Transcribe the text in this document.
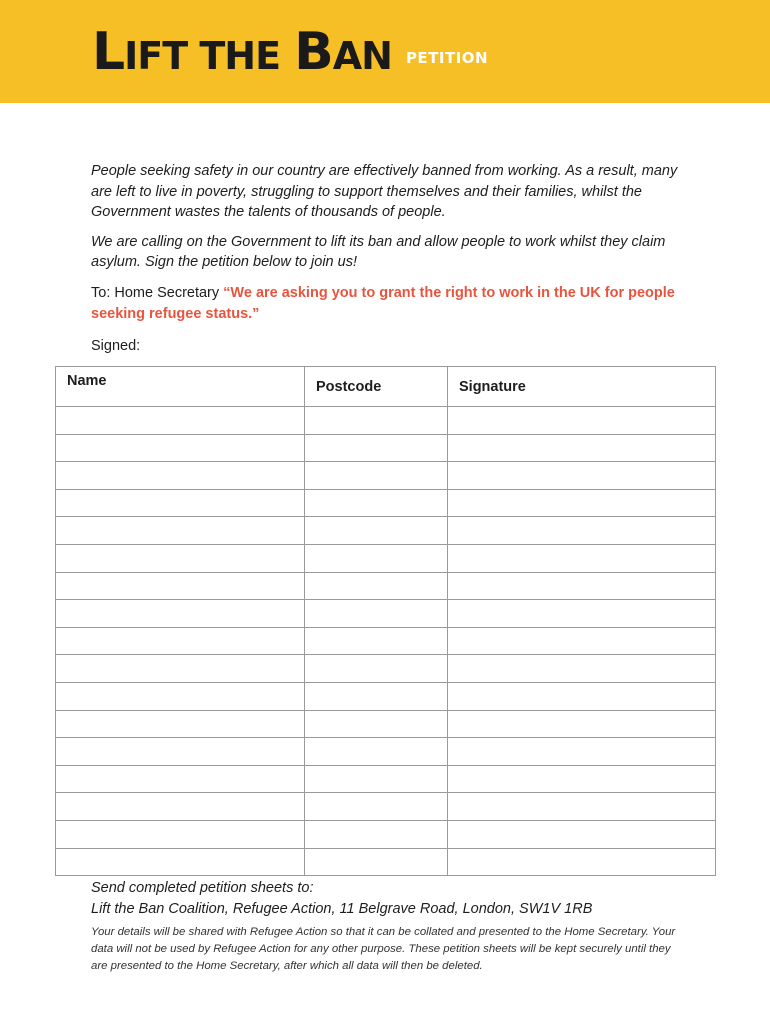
LIFT THE BAN PETITION

People seeking safety in our country are effectively banned from working. As a result, many are left to live in poverty, struggling to support themselves and their families, whilst the Government wastes the talents of thousands of people.

We are calling on the Government to lift its ban and allow people to work whilst they claim asylum. Sign the petition below to join us!

To: Home Secretary “We are asking you to grant the right to work in the UK for people seeking refugee status.”

Signed:

Name	Postcode	Signature

Send completed petition sheets to:

Lift the Ban Coalition, Refugee Action, 11 Belgrave Road, London, SW1V 1RB

Your details will be shared with Refugee Action so that it can be collated and presented to the Home Secretary. Your data will not be used by Refugee Action for any other purpose. These petition sheets will be kept securely until they are presented to the Home Secretary, after which all data will then be deleted.
